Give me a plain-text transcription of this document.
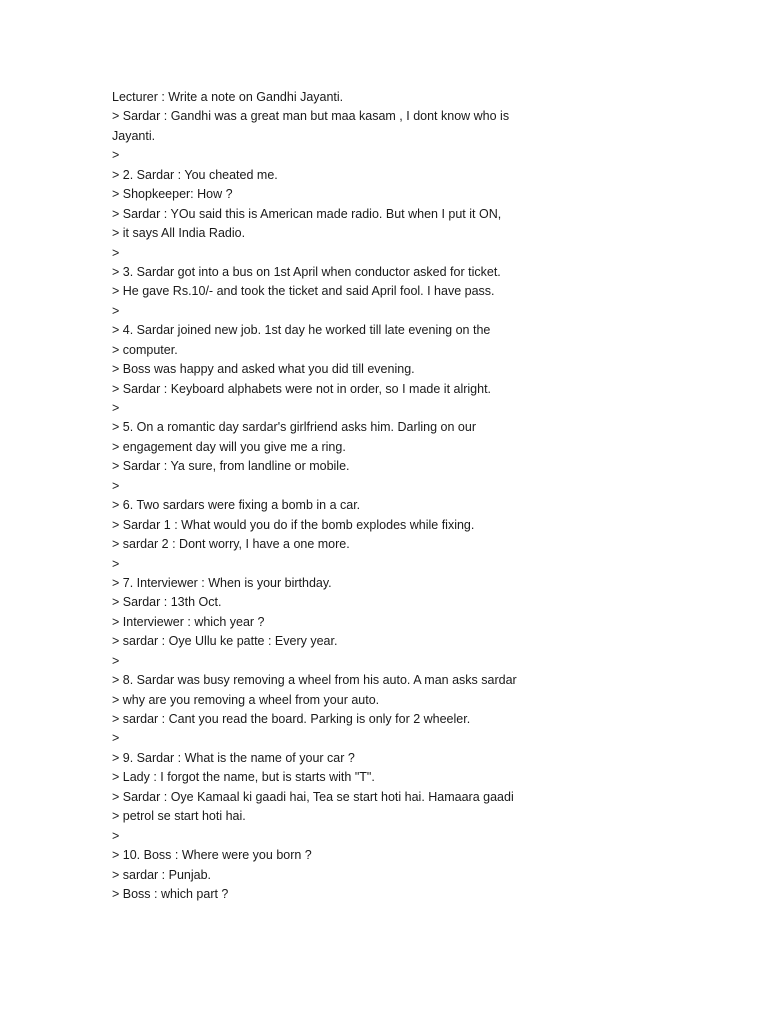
Lecturer : Write a note on Gandhi Jayanti.

> Sardar : Gandhi was a great man but maa kasam , I dont know who is

Jayanti.

>

> 2. Sardar : You cheated me.

> Shopkeeper: How ?

> Sardar : YOu said this is American made radio. But when I put it ON,

> it says All India Radio.

>

> 3. Sardar got into a bus on 1st April when conductor asked for ticket.

> He gave Rs.10/- and took the ticket and said April fool. I have pass.

>

> 4. Sardar joined new job. 1st day he worked till late evening on the

> computer.

> Boss was happy and asked what you did till evening.

> Sardar : Keyboard alphabets were not in order, so I made it alright.

>

> 5. On a romantic day sardar's girlfriend asks him. Darling on our

> engagement day will you give me a ring.

> Sardar : Ya sure, from landline or mobile.

>

> 6. Two sardars were fixing a bomb in a car.

> Sardar 1 : What would you do if the bomb explodes while fixing.

> sardar 2 : Dont worry, I have a one more.

>

> 7. Interviewer : When is your birthday.

> Sardar : 13th Oct.

> Interviewer : which year ?

> sardar : Oye Ullu ke patte : Every year.

>

> 8. Sardar was busy removing a wheel from his auto. A man asks sardar

> why are you removing a wheel from your auto.

> sardar : Cant you read the board. Parking is only for 2 wheeler.

>

> 9. Sardar : What is the name of your car ?

> Lady : I forgot the name, but is starts with "T".

> Sardar : Oye Kamaal ki gaadi hai, Tea se start hoti hai. Hamaara gaadi

> petrol se start hoti hai.

>

> 10. Boss : Where were you born ?

> sardar : Punjab.

> Boss : which part ?
